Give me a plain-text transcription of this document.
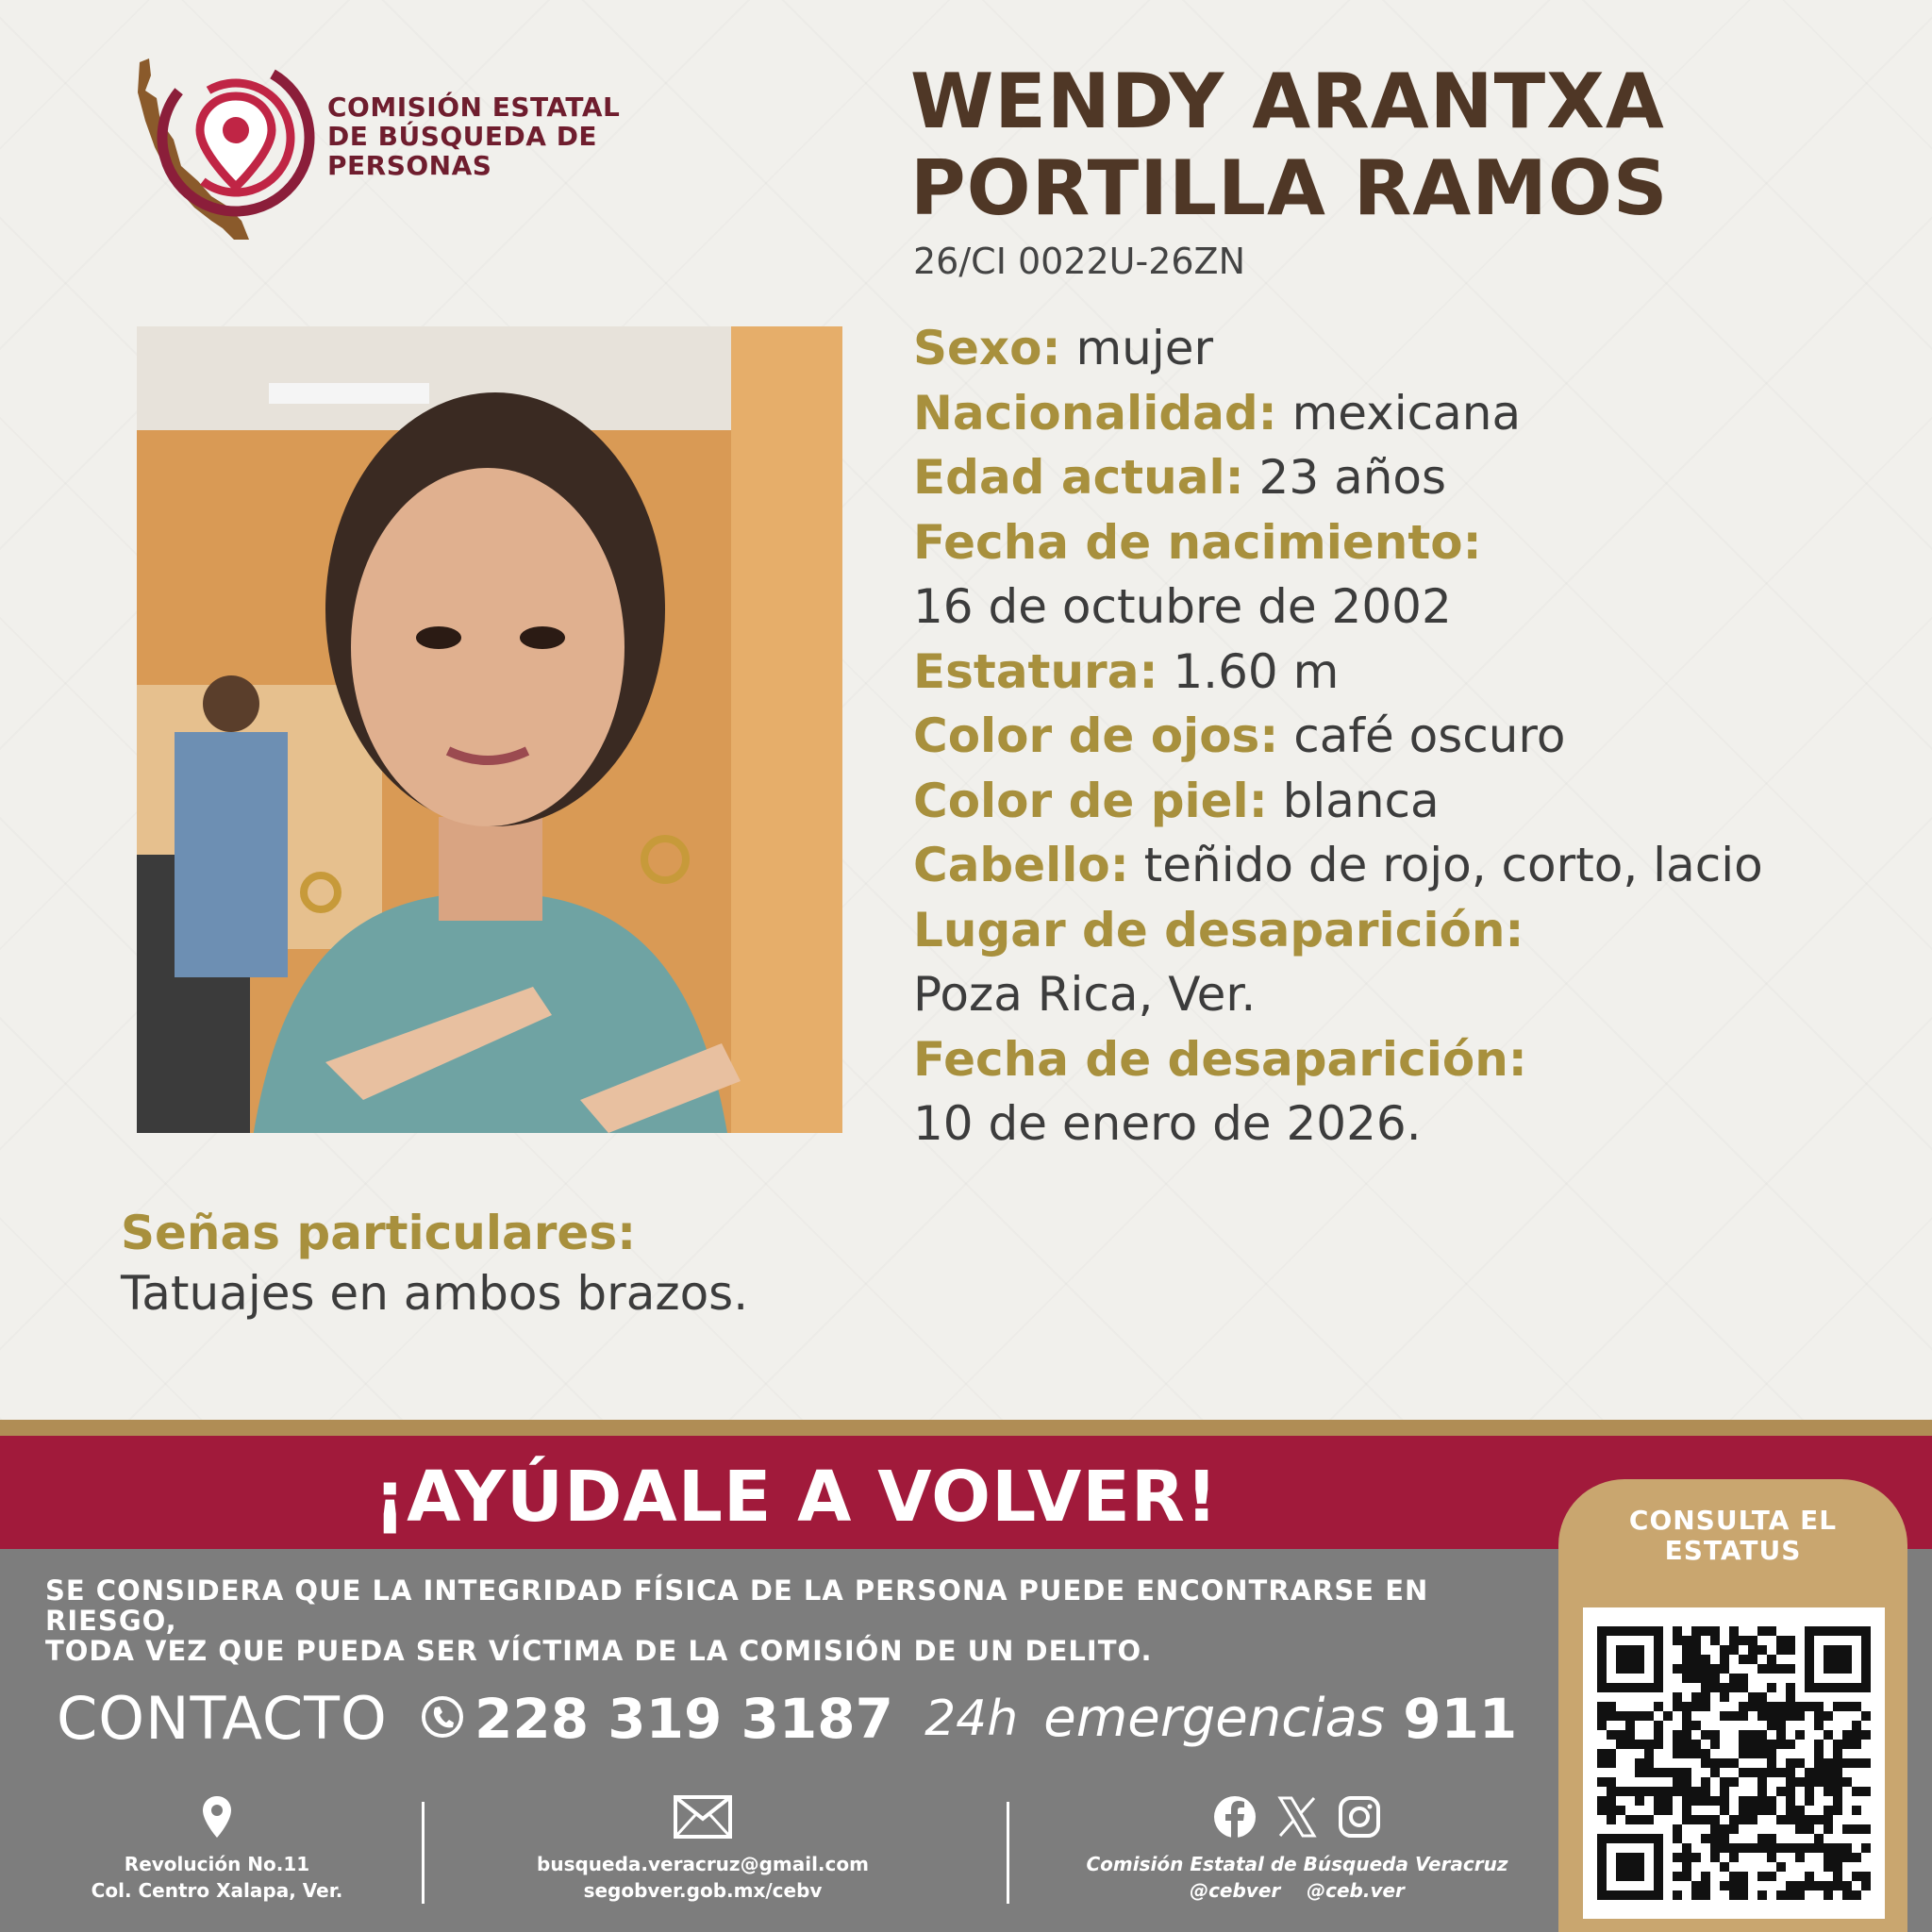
COMISIÓN ESTATAL
DE BÚSQUEDA DE
PERSONAS
WENDY ARANTXA
PORTILLA RAMOS
26/CI 0022U-26ZN
Sexo: mujer
Nacionalidad: mexicana
Edad actual: 23 años
Fecha de nacimiento:
16 de octubre de 2002
Estatura: 1.60 m
Color de ojos: café oscuro
Color de piel: blanca
Cabello: teñido de rojo, corto, lacio
Lugar de desaparición:
Poza Rica, Ver.
Fecha de desaparición:
10 de enero de 2026.
Señas particulares:
Tatuajes en ambos brazos.
¡AYÚDALE A VOLVER!
SE CONSIDERA QUE LA INTEGRIDAD FÍSICA DE LA PERSONA PUEDE ENCONTRARSE EN RIESGO,
TODA VEZ QUE PUEDA SER VÍCTIMA DE LA COMISIÓN DE UN DELITO.
CONTACTO 228 319 3187 24h emergencias 911
Revolución No.11
Col. Centro Xalapa, Ver.
busqueda.veracruz@gmail.com
segobver.gob.mx/cebv
Comisión Estatal de Búsqueda Veracruz
@cebver @ceb.ver
CONSULTA EL
ESTATUS
